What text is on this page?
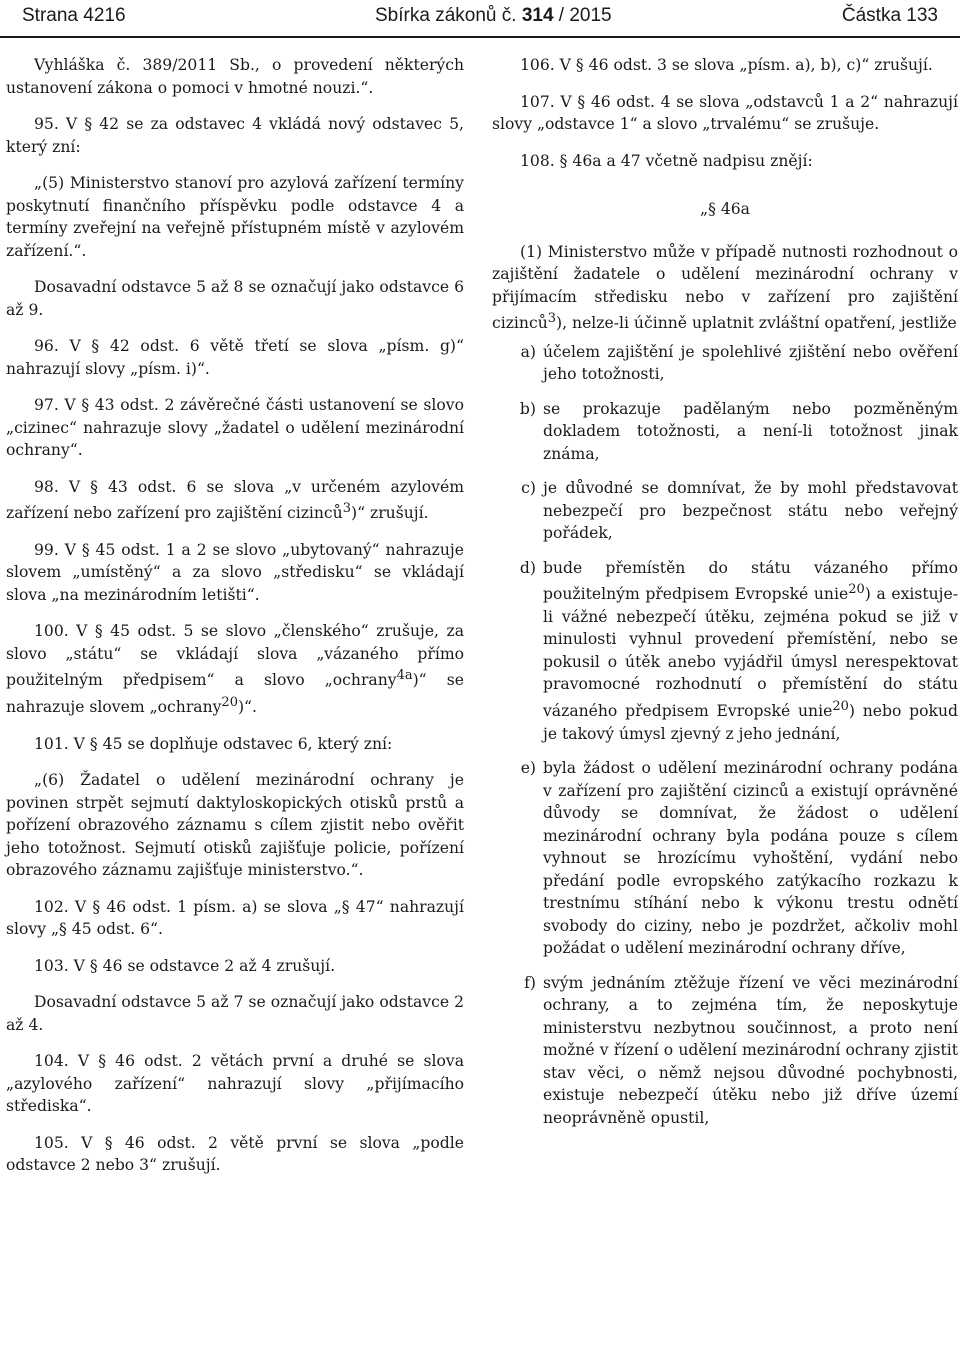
Strana 4216	Sbírka zákonů č. 314 / 2015	Částka 133

Vyhláška č. 389/2011 Sb., o provedení některých ustanovení zákona o pomoci v hmotné nouzi.“.

95. V § 42 se za odstavec 4 vkládá nový odstavec 5, který zní:

„(5) Ministerstvo stanoví pro azylová zařízení termíny poskytnutí finančního příspěvku podle odstavce 4 a termíny zveřejní na veřejně přístupném místě v azylovém zařízení.“.

Dosavadní odstavce 5 až 8 se označují jako odstavce 6 až 9.

96. V § 42 odst. 6 větě třetí se slova „písm. g)“ nahrazují slovy „písm. i)“.

97. V § 43 odst. 2 závěrečné části ustanovení se slovo „cizinec“ nahrazuje slovy „žadatel o udělení mezinárodní ochrany“.

98. V § 43 odst. 6 se slova „v určeném azylovém zařízení nebo zařízení pro zajištění cizinců$^3$)“ zrušují.

99. V § 45 odst. 1 a 2 se slovo „ubytovaný“ nahrazuje slovem „umístěný“ a za slovo „středisku“ se vkládají slova „na mezinárodním letišti“.

100. V § 45 odst. 5 se slovo „členského“ zrušuje, za slovo „státu“ se vkládají slova „vázaného přímo použitelným předpisem“ a slovo „ochrany$^{4a}$)“ se nahrazuje slovem „ochrany$^{20}$)“.

101. V § 45 se doplňuje odstavec 6, který zní:

„(6) Žadatel o udělení mezinárodní ochrany je povinen strpět sejmutí daktyloskopických otisků prstů a pořízení obrazového záznamu s cílem zjistit nebo ověřit jeho totožnost. Sejmutí otisků zajišťuje policie, pořízení obrazového záznamu zajišťuje ministerstvo.“.

102. V § 46 odst. 1 písm. a) se slova „§ 47“ nahrazují slovy „§ 45 odst. 6“.

103. V § 46 se odstavce 2 až 4 zrušují.

Dosavadní odstavce 5 až 7 se označují jako odstavce 2 až 4.

104. V § 46 odst. 2 větách první a druhé se slova „azylového zařízení“ nahrazují slovy „přijímacího střediska“.

105. V § 46 odst. 2 větě první se slova „podle odstavce 2 nebo 3“ zrušují.

106. V § 46 odst. 3 se slova „písm. a), b), c)“ zrušují.

107. V § 46 odst. 4 se slova „odstavců 1 a 2“ nahrazují slovy „odstavce 1“ a slovo „trvalému“ se zrušuje.

108. § 46a a 47 včetně nadpisu znějí:

„§ 46a

(1) Ministerstvo může v případě nutnosti rozhodnout o zajištění žadatele o udělení mezinárodní ochrany v přijímacím středisku nebo v zařízení pro zajištění cizinců$^3$), nelze-li účinně uplatnit zvláštní opatření, jestliže

a) účelem zajištění je spolehlivé zjištění nebo ověření jeho totožnosti,
b) se prokazuje padělaným nebo pozměněným dokladem totožnosti, a není-li totožnost jinak známa,
c) je důvodné se domnívat, že by mohl představovat nebezpečí pro bezpečnost státu nebo veřejný pořádek,
d) bude přemístěn do státu vázaného přímo použitelným předpisem Evropské unie$^{20}$) a existuje-li vážné nebezpečí útěku, zejména pokud se již v minulosti vyhnul provedení přemístění, nebo se pokusil o útěk anebo vyjádřil úmysl nerespektovat pravomocné rozhodnutí o přemístění do státu vázaného předpisem Evropské unie$^{20}$) nebo pokud je takový úmysl zjevný z jeho jednání,
e) byla žádost o udělení mezinárodní ochrany podána v zařízení pro zajištění cizinců a existují oprávněné důvody se domnívat, že žádost o udělení mezinárodní ochrany byla podána pouze s cílem vyhnout se hrozícímu vyhoštění, vydání nebo předání podle evropského zatýkacího rozkazu k trestnímu stíhání nebo k výkonu trestu odnětí svobody do ciziny, nebo je pozdržet, ačkoliv mohl požádat o udělení mezinárodní ochrany dříve,
f) svým jednáním ztěžuje řízení ve věci mezinárodní ochrany, a to zejména tím, že neposkytuje ministerstvu nezbytnou součinnost, a proto není možné v řízení o udělení mezinárodní ochrany zjistit stav věci, o němž nejsou důvodné pochybnosti, existuje nebezpečí útěku nebo již dříve území neoprávněně opustil,
